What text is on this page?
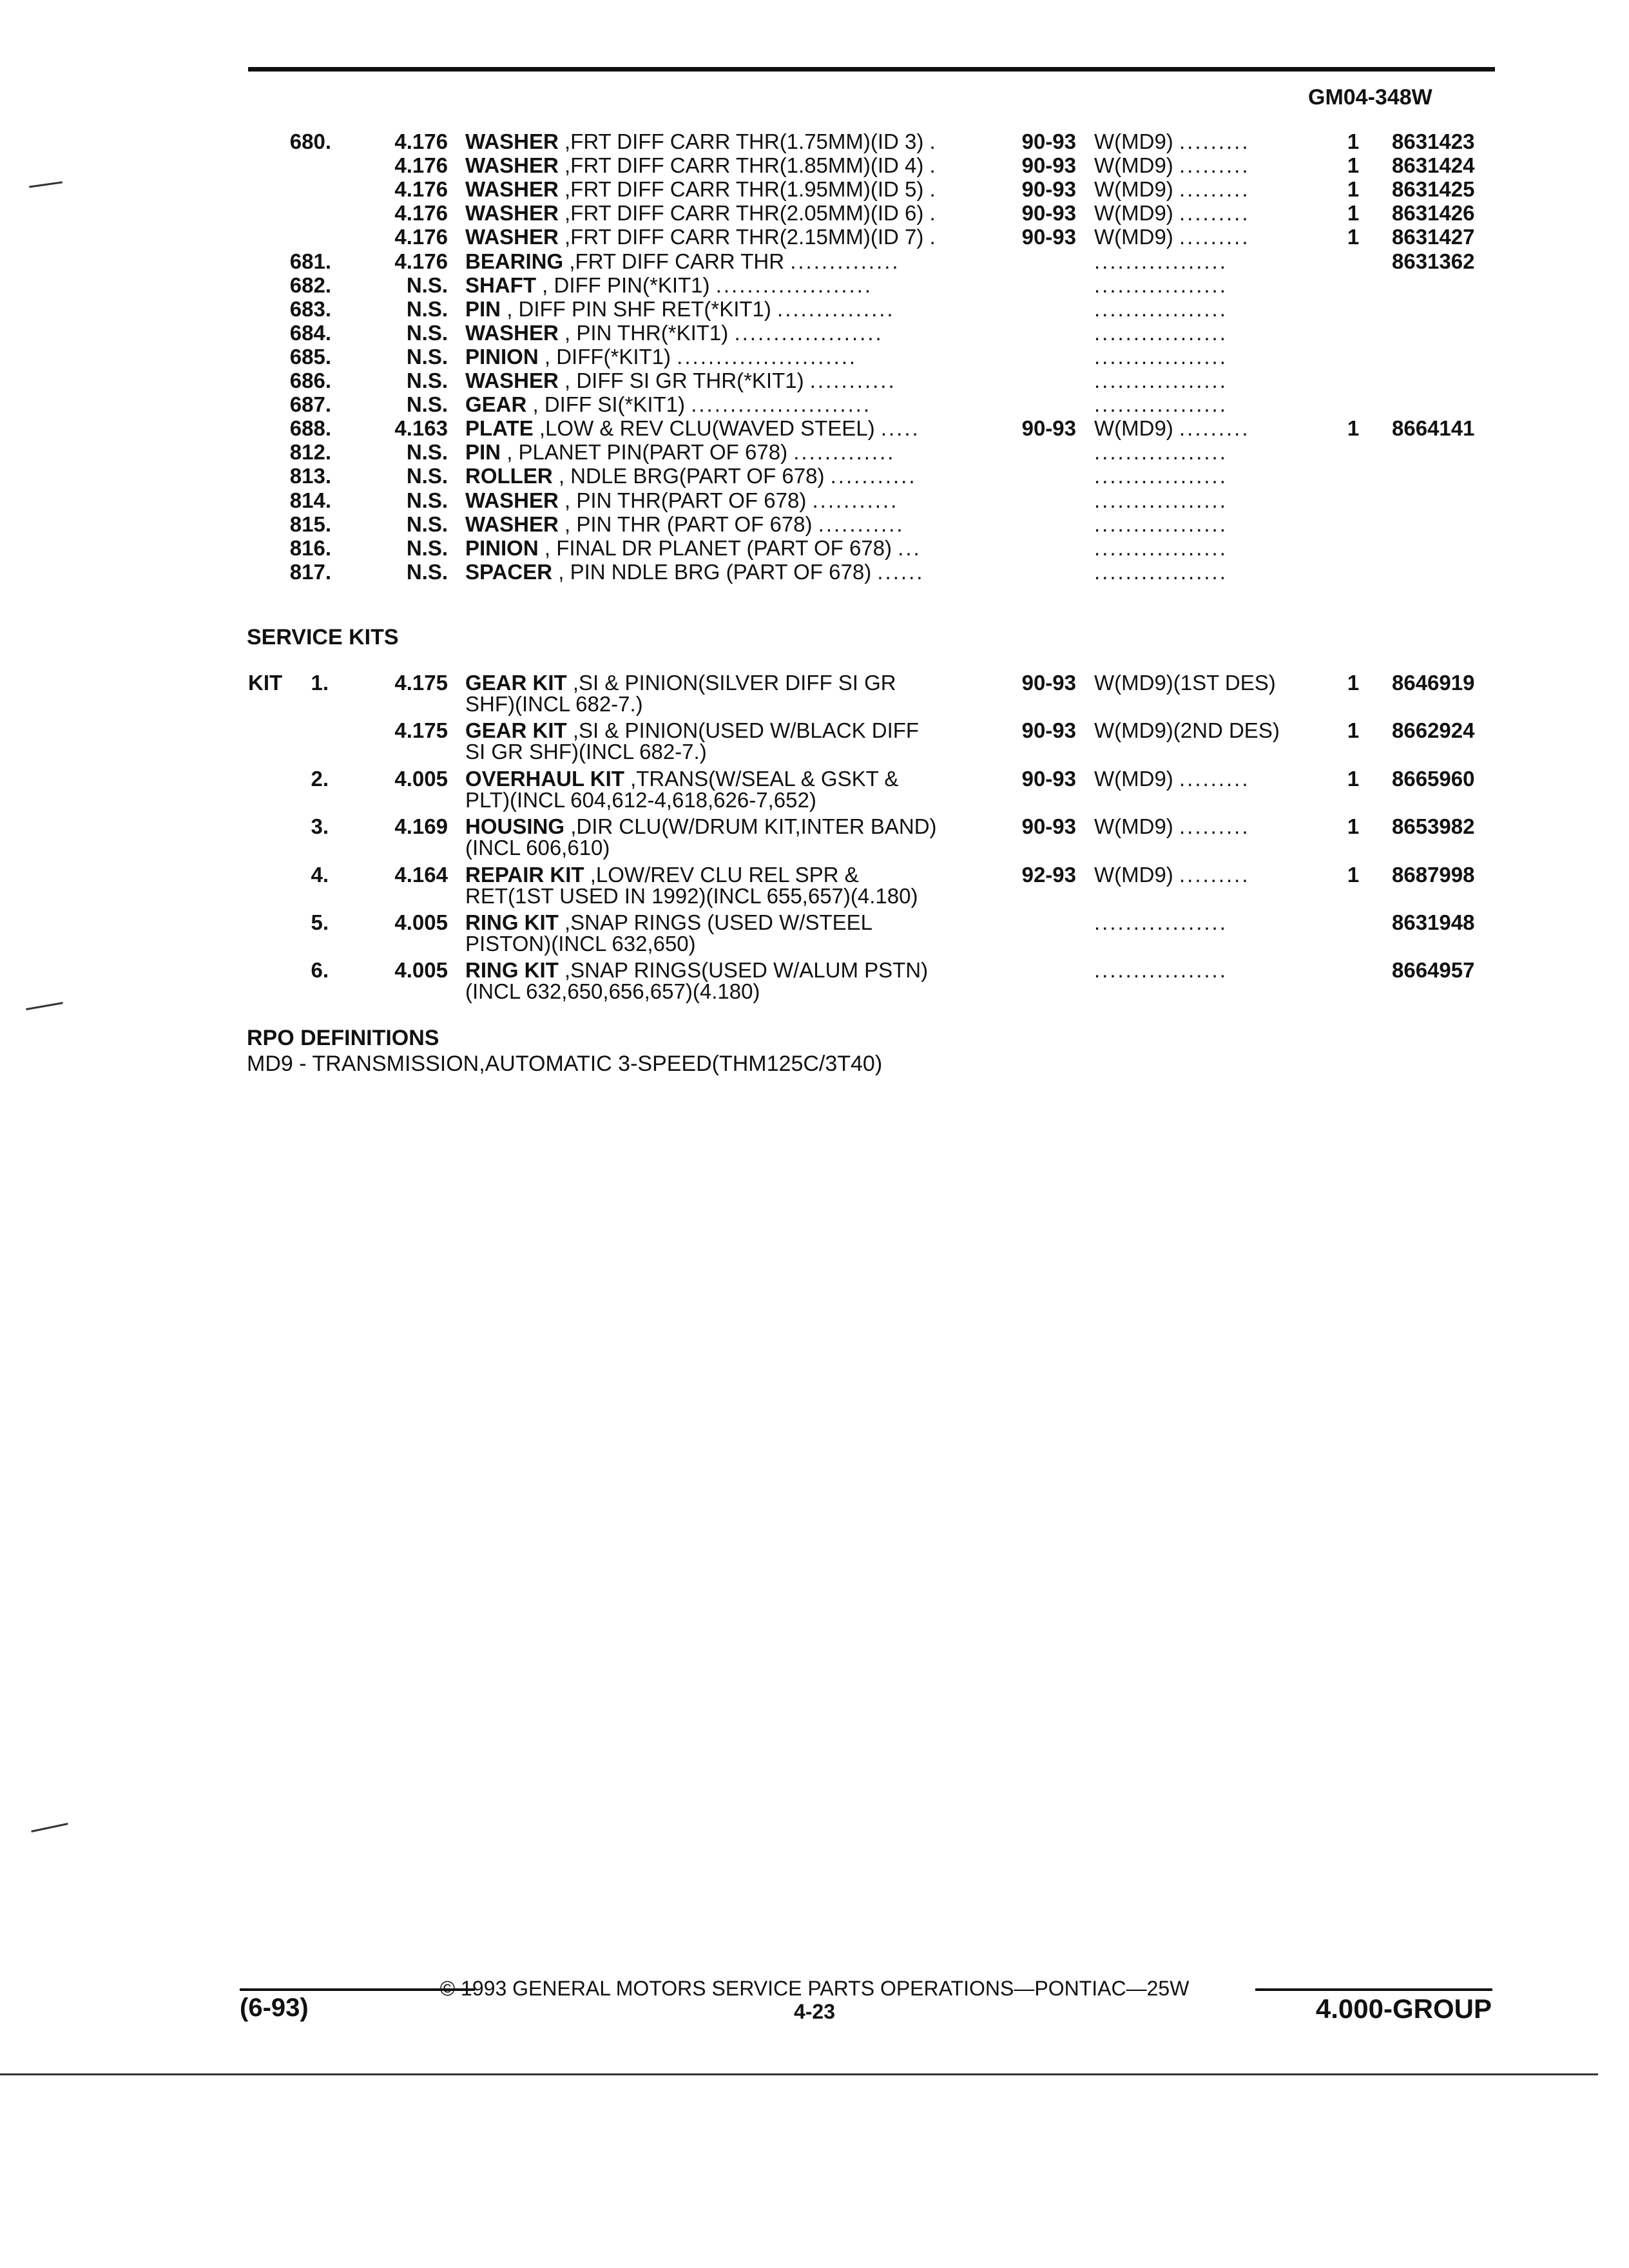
GM04-348W
680.	4.176 WASHER ,FRT DIFF CARR THR(1.75MM)(ID 3) .	90-93 W(MD9) .........	1	8631423
4.176 WASHER ,FRT DIFF CARR THR(1.85MM)(ID 4) .	90-93 W(MD9) .........	1	8631424
4.176 WASHER ,FRT DIFF CARR THR(1.95MM)(ID 5) .	90-93 W(MD9) .........	1	8631425
4.176 WASHER ,FRT DIFF CARR THR(2.05MM)(ID 6) .	90-93 W(MD9) .........	1	8631426
4.176 WASHER ,FRT DIFF CARR THR(2.15MM)(ID 7) .	90-93 W(MD9) .........	1	8631427
681.	4.176 BEARING ,FRT DIFF CARR THR ..............	.................	8631362
682.	N.S. SHAFT , DIFF PIN(*KIT1) ....................	.................
683.	N.S. PIN , DIFF PIN SHF RET(*KIT1) ...............	.................
684.	N.S. WASHER , PIN THR(*KIT1) ...................	.................
685.	N.S. PINION , DIFF(*KIT1) .......................	.................
686.	N.S. WASHER , DIFF SI GR THR(*KIT1) ...........	.................
687.	N.S. GEAR , DIFF SI(*KIT1) .......................	.................
688.	4.163 PLATE ,LOW & REV CLU(WAVED STEEL) .....	90-93 W(MD9) .........	1	8664141
812.	N.S. PIN , PLANET PIN(PART OF 678) .............	.................
813.	N.S. ROLLER , NDLE BRG(PART OF 678) ...........	.................
814.	N.S. WASHER , PIN THR(PART OF 678) ...........	.................
815.	N.S. WASHER , PIN THR (PART OF 678) ...........	.................
816.	N.S. PINION , FINAL DR PLANET (PART OF 678) ...	.................
817.	N.S. SPACER , PIN NDLE BRG (PART OF 678) ......	.................
SERVICE KITS
KIT	1.	4.175 GEAR KIT ,SI & PINION(SILVER DIFF SI GR	90-93 W(MD9)(1ST DES)	1	8646919
SHF)(INCL 682-7.)
4.175 GEAR KIT ,SI & PINION(USED W/BLACK DIFF	90-93 W(MD9)(2ND DES)	1	8662924
SI GR SHF)(INCL 682-7.)
2.	4.005 OVERHAUL KIT ,TRANS(W/SEAL & GSKT &	90-93 W(MD9) .........	1	8665960
PLT)(INCL 604,612-4,618,626-7,652)
3.	4.169 HOUSING ,DIR CLU(W/DRUM KIT,INTER BAND)	90-93 W(MD9) .........	1	8653982
(INCL 606,610)
4.	4.164 REPAIR KIT ,LOW/REV CLU REL SPR &	92-93 W(MD9) .........	1	8687998
RET(1ST USED IN 1992)(INCL 655,657)(4.180)
5.	4.005 RING KIT ,SNAP RINGS (USED W/STEEL	.................	8631948
PISTON)(INCL 632,650)
6.	4.005 RING KIT ,SNAP RINGS(USED W/ALUM PSTN)	.................	8664957
(INCL 632,650,656,657)(4.180)
RPO DEFINITIONS
MD9 - TRANSMISSION,AUTOMATIC 3-SPEED(THM125C/3T40)
© 1993 GENERAL MOTORS SERVICE PARTS OPERATIONS—PONTIAC—25W
(6-93)	4-23	4.000-GROUP
